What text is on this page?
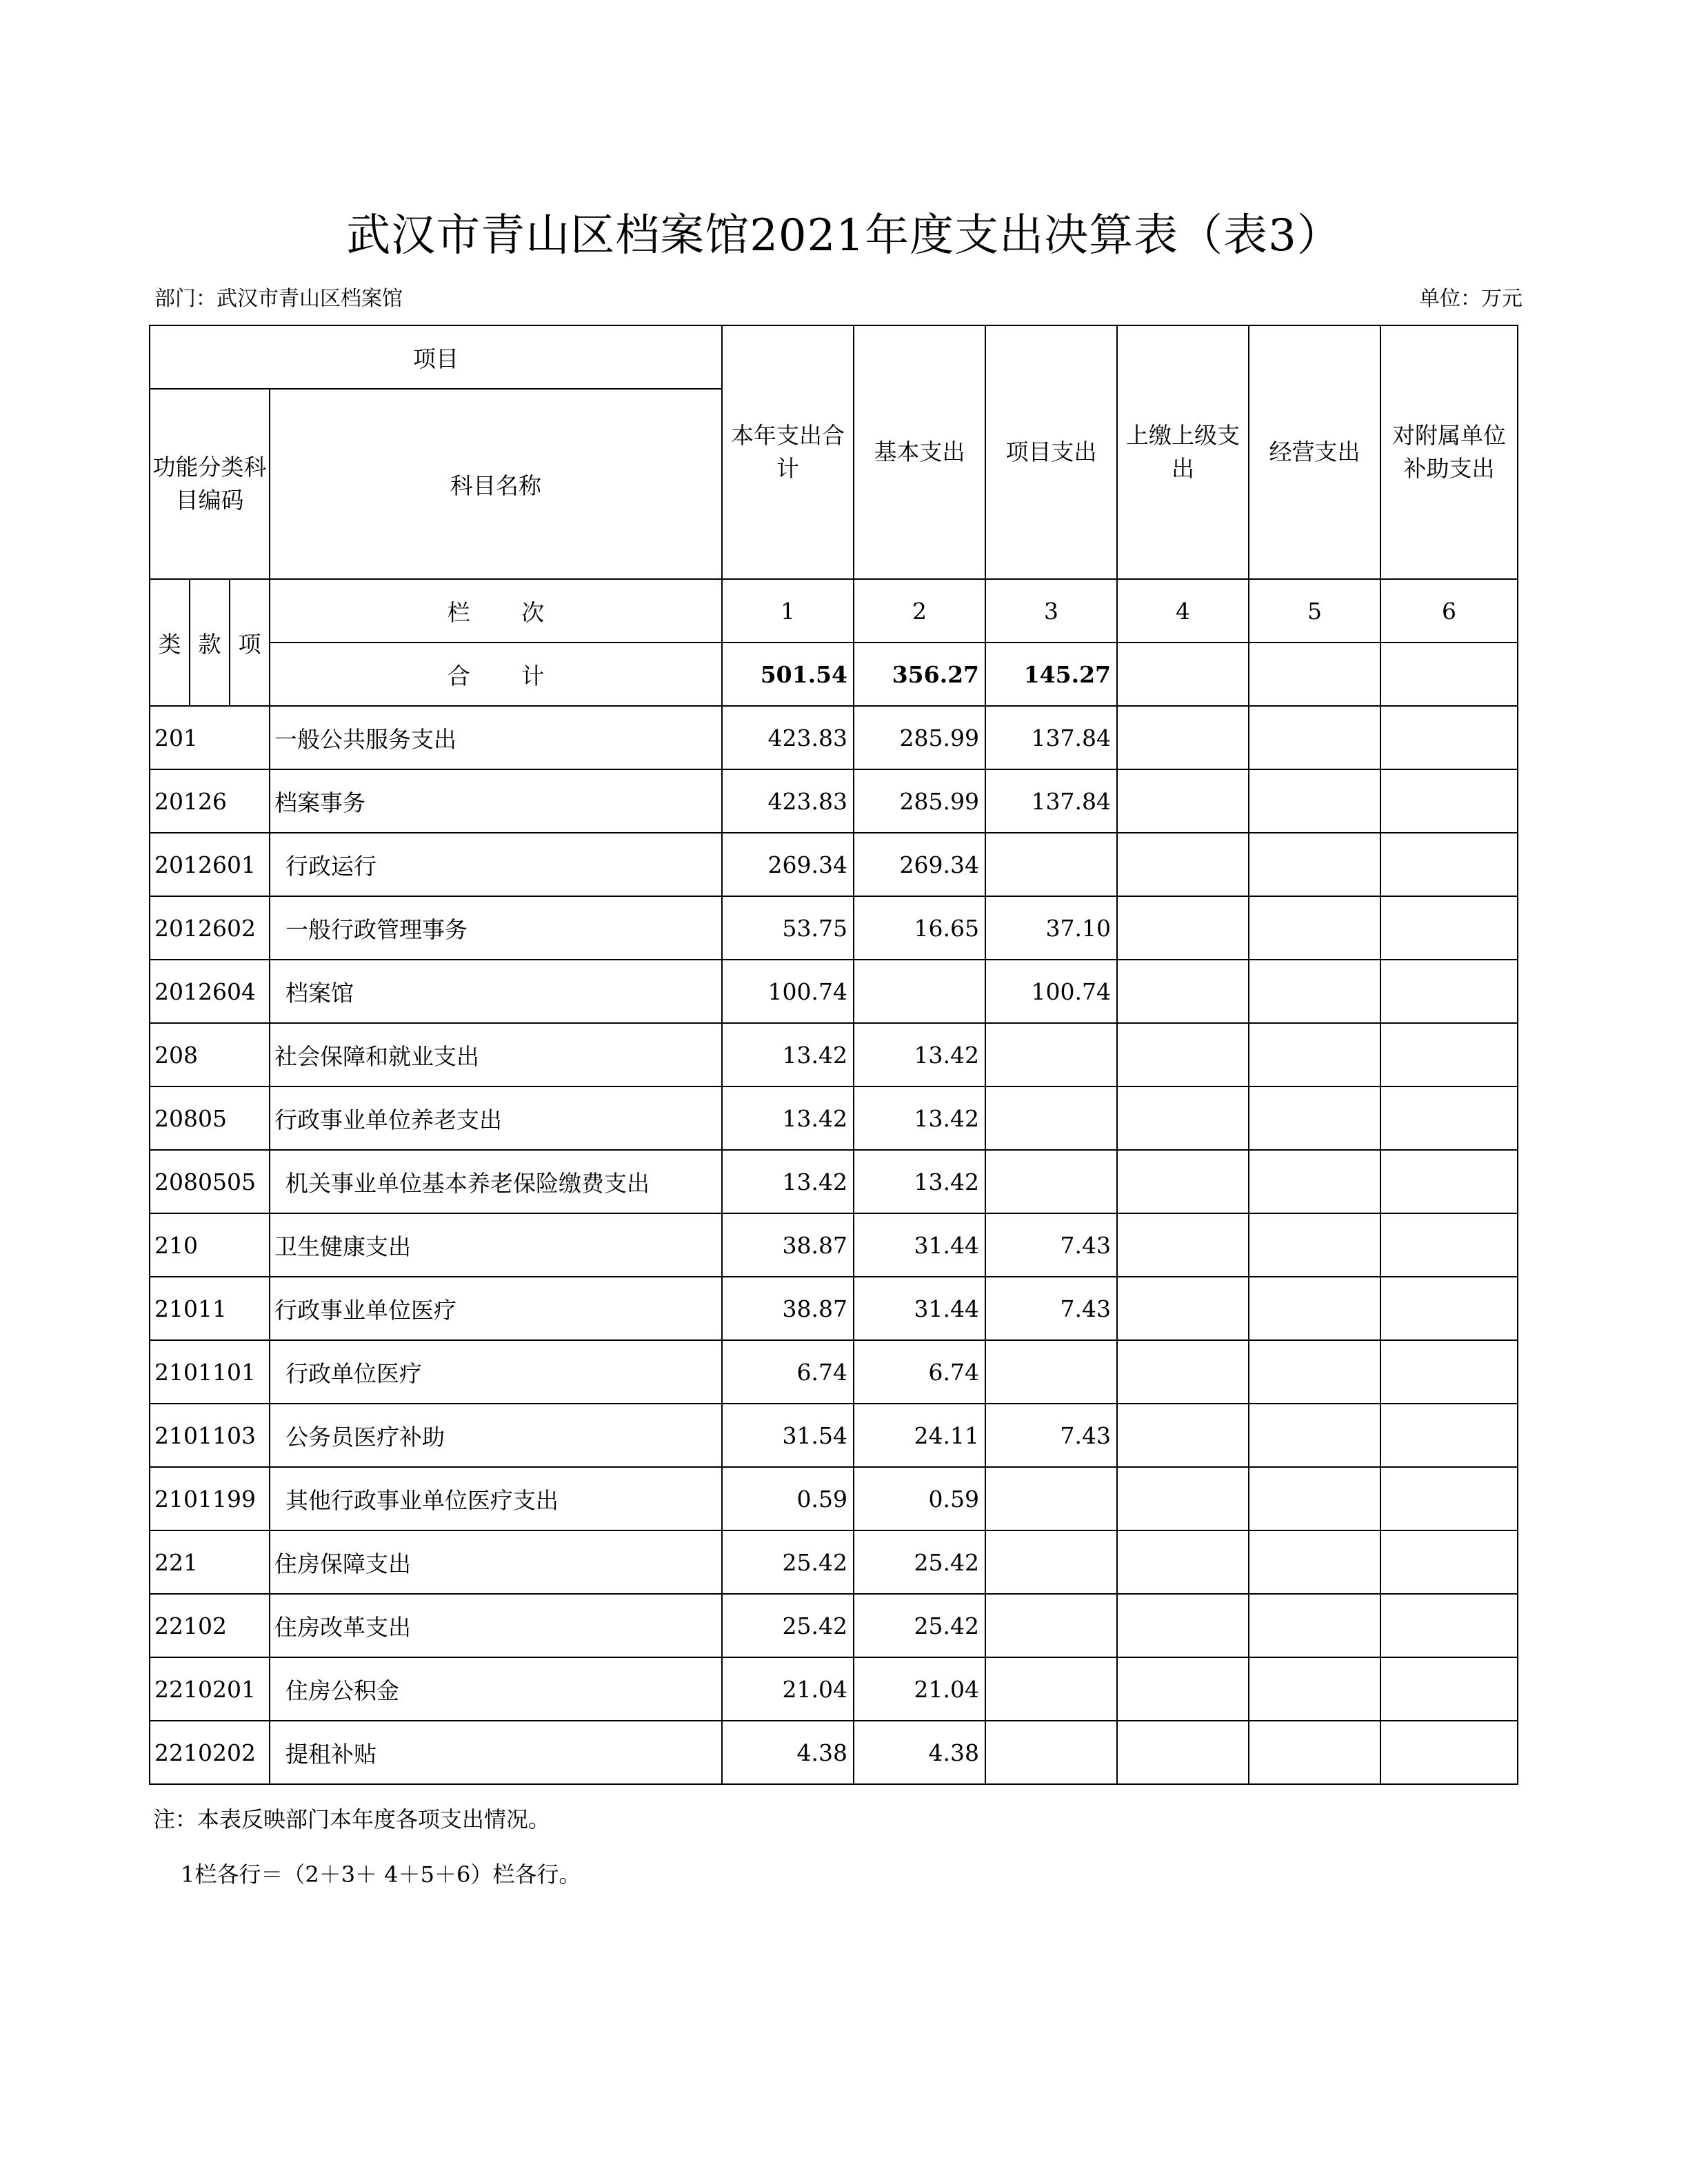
武汉市青山区档案馆2021年度支出决算表（表3）
部门：武汉市青山区档案馆	单位：万元
项目				本年支出合计	基本支出	项目支出	上缴上级支出	经营支出	对附属单位补助支出
功能分类科目编码			科目名称						
类	款	项	栏 次	1	2	3	4	5	6
			合 计	501.54	356.27	145.27			
201			一般公共服务支出	423.83	285.99	137.84			
20126			档案事务	423.83	285.99	137.84			
2012601			行政运行	269.34	269.34				
2012602			一般行政管理事务	53.75	16.65	37.10			
2012604			档案馆	100.74		100.74			
208			社会保障和就业支出	13.42	13.42				
20805			行政事业单位养老支出	13.42	13.42				
2080505			机关事业单位基本养老保险缴费支出	13.42	13.42				
210			卫生健康支出	38.87	31.44	7.43			
21011			行政事业单位医疗	38.87	31.44	7.43			
2101101			行政单位医疗	6.74	6.74				
2101103			公务员医疗补助	31.54	24.11	7.43			
2101199			其他行政事业单位医疗支出	0.59	0.59				
221			住房保障支出	25.42	25.42				
22102			住房改革支出	25.42	25.42				
2210201			住房公积金	21.04	21.04				
2210202			提租补贴	4.38	4.38				
注：本表反映部门本年度各项支出情况。
1栏各行＝（2＋3＋ 4＋5＋6）栏各行。
